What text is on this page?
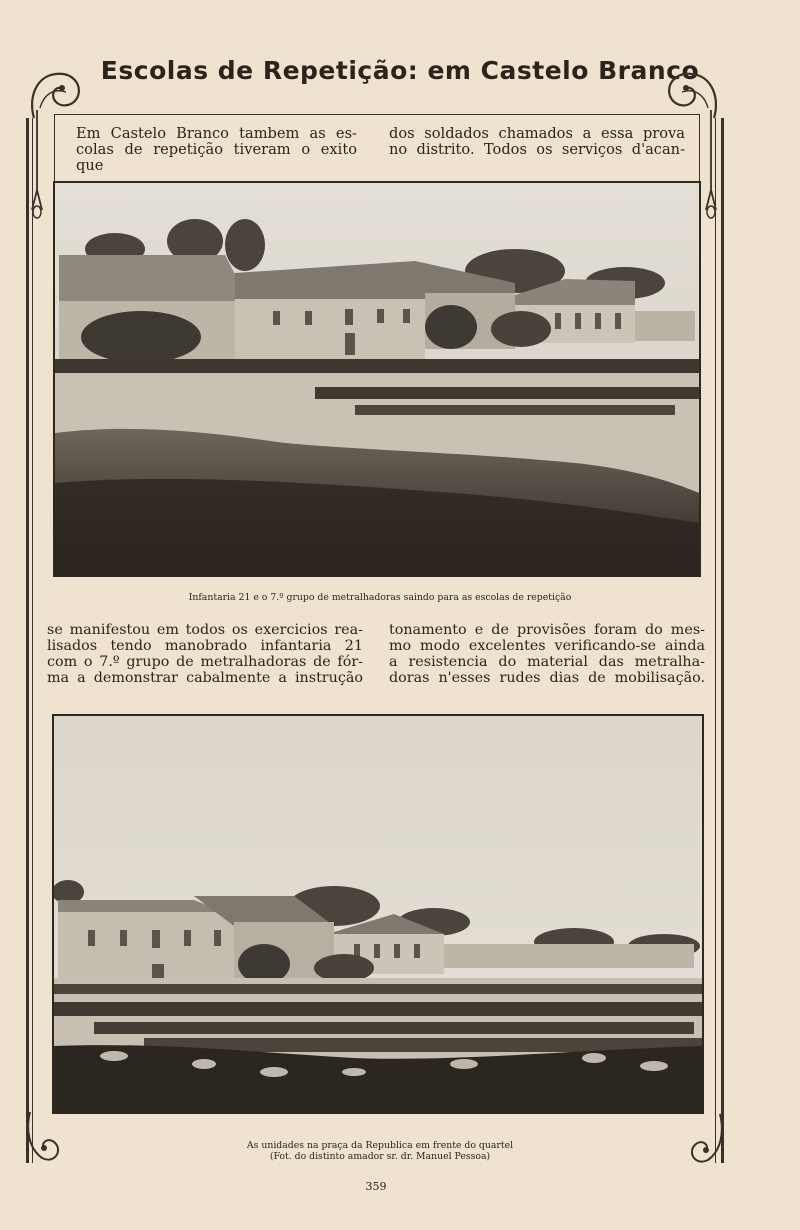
Escolas de Repetição: em Castelo Branco
Em Castelo Branco tambem as es-
colas de repetição tiveram o exito que
dos soldados chamados a essa prova
no distrito. Todos os serviços d'acan-
Infantaria 21 e o 7.º grupo de metralhadoras saindo para as escolas de repetição
se manifestou em todos os exercicios rea-
lisados tendo manobrado infantaria 21
com o 7.º grupo de metralhadoras de fór-
ma a demonstrar cabalmente a instrução
tonamento e de provisões foram do mes-
mo modo excelentes verificando-se ainda
a resistencia do material das metralha-
doras n'esses rudes dias de mobilisação.
As unidades na praça da Republica em frente do quartel
(Fot. do distinto amador sr. dr. Manuel Pessoa)
359
